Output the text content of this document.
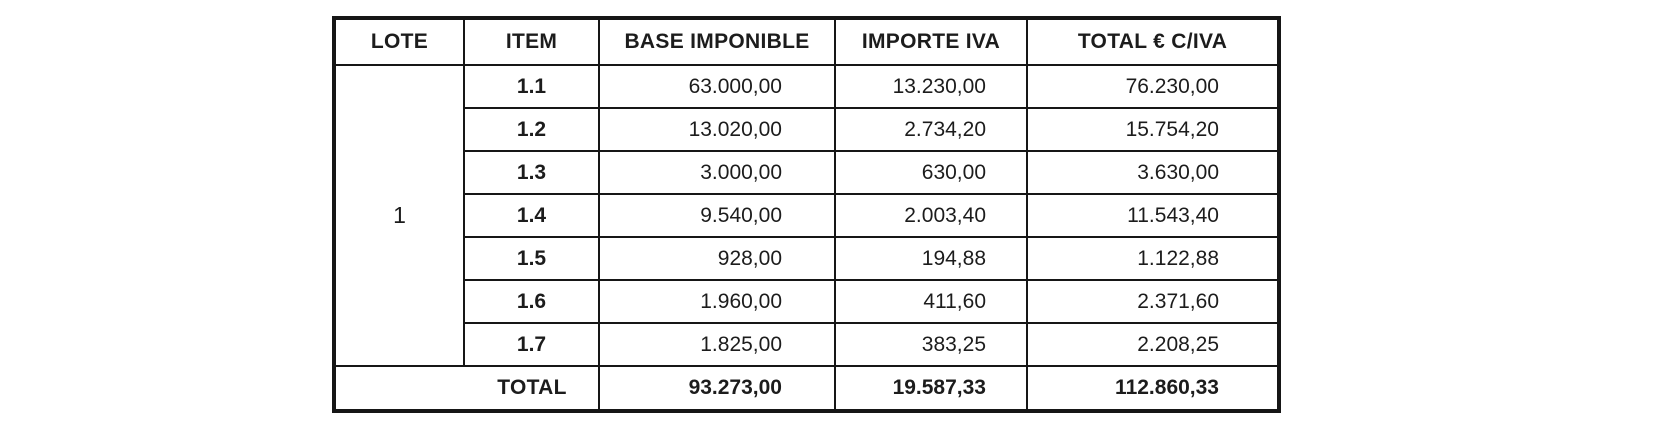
LOTE	ITEM	BASE IMPONIBLE	IMPORTE IVA	TOTAL € C/IVA
1	1.1	63.000,00	13.230,00	76.230,00
	1.2	13.020,00	2.734,20	15.754,20
	1.3	3.000,00	630,00	3.630,00
	1.4	9.540,00	2.003,40	11.543,40
	1.5	928,00	194,88	1.122,88
	1.6	1.960,00	411,60	2.371,60
	1.7	1.825,00	383,25	2.208,25
TOTAL		93.273,00	19.587,33	112.860,33
